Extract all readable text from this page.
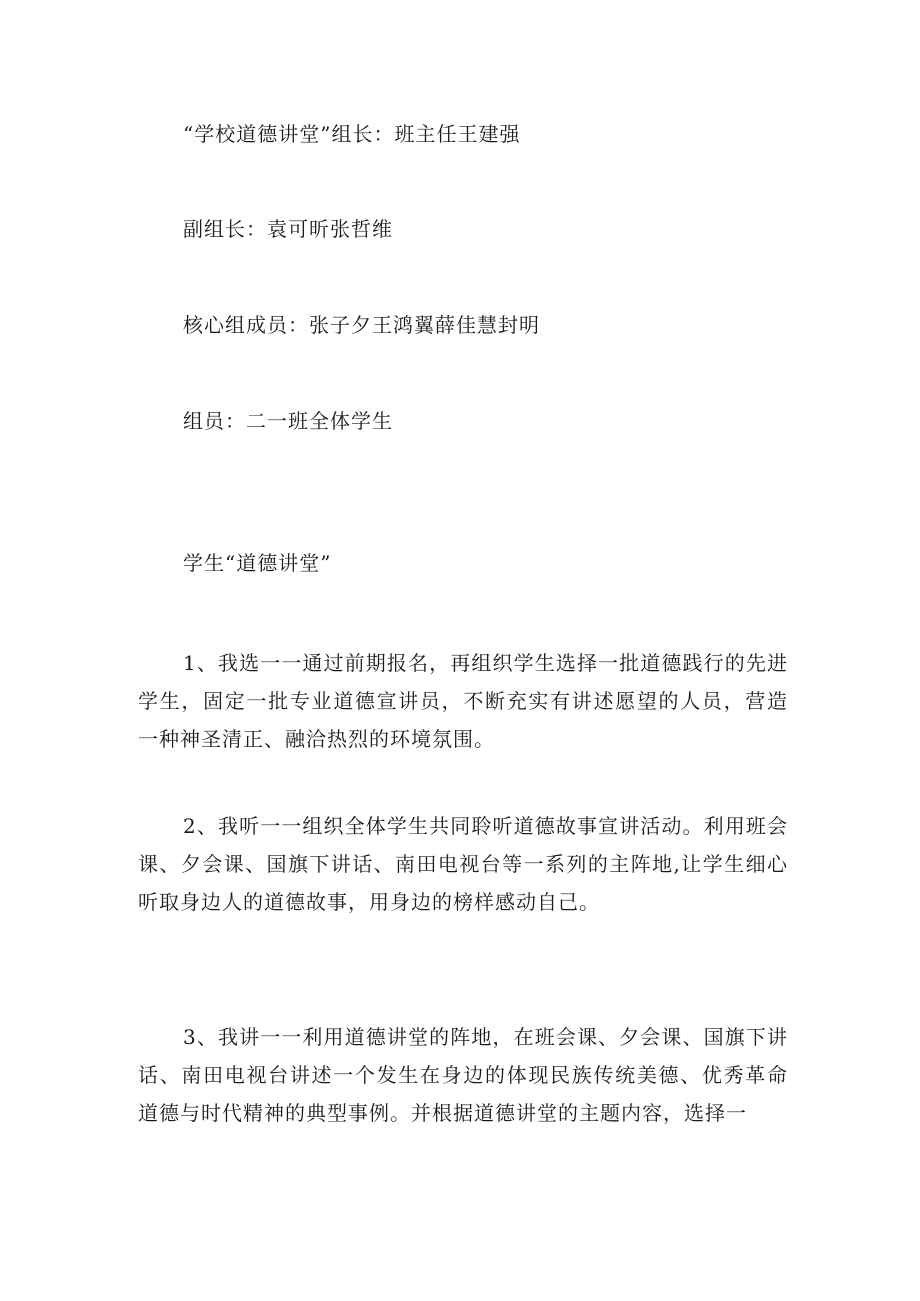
“学校道德讲堂”组长：班主任王建强

副组长：袁可昕张哲维

核心组成员：张子夕王鸿翼薛佳慧封明

组员：二一班全体学生

学生“道德讲堂”

1、我选一一通过前期报名，再组织学生选择一批道德践行的先进学生，固定一批专业道德宣讲员，不断充实有讲述愿望的人员，营造一种神圣清正、融洽热烈的环境氛围。

2、我听一一组织全体学生共同聆听道德故事宣讲活动。利用班会课、夕会课、国旗下讲话、南田电视台等一系列的主阵地,让学生细心听取身边人的道德故事，用身边的榜样感动自己。

3、我讲一一利用道德讲堂的阵地，在班会课、夕会课、国旗下讲话、南田电视台讲述一个发生在身边的体现民族传统美德、优秀革命道德与时代精神的典型事例。并根据道德讲堂的主题内容，选择一
